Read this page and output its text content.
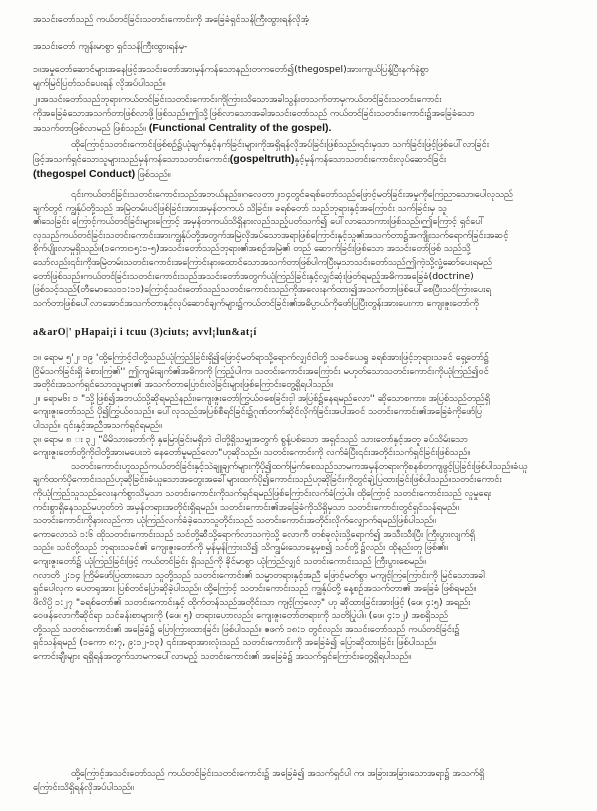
အသင်းတော်သည် ကယ်တင်ခြင်းသတင်းကောင်းကို အခြေခံရှင်သန်ကြီးထွားရန်လိုအံ့
အသင်းတော် ကျန်းမာစွာ ရှင်သန်ကြီးထွားရန်မှ-
၁။အမှုတော်ဆောင်များအနေဖြင့်အသင်းတော်အားမှန်ကန်သောနည်းတကတော်၍(thegospel)အားကျယ်ပြန့်ပြီးနက်နဲစွာ
မျက်မြင်ပြတ်သင်ပေးရန် လိုအပ်ပါသည်။
၂။အသင်းတော်သည်ဘုရားကယ်တင်ခြင်းသတင်းကောင်းကိုကြားသိသောအခါသွန်းတသက်တာမှကယ်တင်ခြင်းသတင်းကောင်း
ကိုအခြေခံသောအသက်တာဖြစ်လာဖို့ဖြစ်သည်။ဤသို့ဖြစ်လာသောအခါအသင်းတော်သည် ကယ်တင်ခြင်းသတင်းကောင်း၌အခြေခံသော
အသက်တာဖြစ်လာမည် ဖြစ်သည်။ (Functional Centrality of the gospel).
ထိုကြောင့်သတင်းကောင်းဖြစ်စဉ်၌ယုံချက်နှင့်နက်ခြင်းများကိုအရှိရန်လိုအပ်ခြင်းဖြစ်သည်။၎င်းမှသာ သက်ခြင်းဖြင့်ဖြစ်ပေါ်လာခြင်း
ဖြင့်အသက်ရှင်သောသူများသည်မှန်ကန်သောသတင်းကောင်း(gospeltruth)နှင့်မှန်ကန်သောသတင်းကောင်းလုပ်ဆောင်ခြင်း
(thegospel Conduct) ဖြစ်သည်။
၎င်းကယ်တင်ခြင်းသတင်းကောင်းသည်အဘယ်နည်း။ဂလေတာ၂၊၁၄တွင်ခရစ်တော်သည်ဖြောင့်မတ်ခြင်းအမှုကိုကြေညာသော၊ပေါလုသည်
ချက်တွင် ကျွန်ုပ်တို့သည် အမြဲတမ်းပင်ဖြစ်ခြင်းအားအမှန်တကယ် သိခြင်း။ ခရစ်တော် သည်ဘုရားနှင့်အကြောင်း သက်ခြင်းမှ သူ
၏သေခြင်း ကြောင့်ကယ်တင်ခြင်းများကြောင့် အမှန်တကယ်သိရှိနားလည်သည့်ပတ်သက်၍ ပေါ်လာသောကားဖြစ်သည်။ဤကြောင့် ရှင်ပေါ်
လုသည်ကယ်တင်ခြင်းသတင်းကောင်းအားကျွန်ုပ်တို့အတွက်အမြဲလိုအပ်သောအရာဖြစ်ကြောင်းနှင့်သူ၏အသက်တာ၌အကျိုးသက်ရောက်ခြင်းအဆင့်
စိုက်ပျိုးလာမှုရှိသည်။(၁ကော၊၁၅:၁-၅)အသင်းတော်သည်ဘုရား၏အစဉ်အမြဲ၏ တည် ဆောက်ခြင်းဖြစ်သော အသင်းတော်ဖြစ် သည်သို့
သော်လည်း၎င်းကိုအမြဲတမ်းသတင်းကောင်းအကြောင်းနားထောင်သောအသက်တာဖြစ်ပါကပြီးမှသာသင်းတော်သည်ဤကဲ့သို့လှုံ့ဆော်ပေးရမည်
တော်ဖြစ်သည်။ကယ်တင်ခြင်းသတင်းကောင်းသည်အသင်းတော်အတွက်ယုံကြည်ခြင်းနှင့်လျှင်ဆုံးဖြတ်ရမည့်အဓိကအခြေခံ(doctrine)
ဖြစ်သင့်သည်(တီမောသေ၁၁:၁၁)ကြောင့်သင်းတော်သည်သတင်းကောင်းသည်ကိုအလေးနက်ထား၍အသက်တာဖြစ်ပေါ်စေပြီးသင်ကြားပေးရ
သက်တာဖြစ်ပေါ်လာအောင်အသက်တာနှင့်လုပ်ဆောင်ချက်များ၌ကယ်တင်ခြင်း၏အဓိပ္ပာယ်ကိုဖော်ပြပြီးတွန်းအားပေးကာ ကျေးဇူးတော်ကို
a&arÓ|' pHapai¡i i tcuu (3)ciuts; avvl¡lun&at¡í
၁။ ရောမ ၅'၂၊ ၁၉ 'ထို့ကြောင့်ငါတို့သည်ယုံကြည်ခြင်းရှိ၍ဖြောင့်မတ်ရာသို့ရောက်လျှင်ငါတို့ သခင်ယေရှု ခရစ်အားဖြင့်ဘုရားသခင် ရှေ့တော်၌
ငြိမ်သက်ခြင်းရှိ ခံစားကြ၏'' ဤကျမ်းချက်၏အဓိကကို ကြည့်ပါက၊ သတင်းကောင်းအကြောင်း မဟုတ်သောသတင်းကောင်းကိုယုံကြည်၍ဝင်
အတိုင်းအသက်ရှင်သောသူများ၏ အသက်တာပြောင်းလဲခြင်းများဖြစ်ကြောင်းတွေ့ရှိရပါသည်။
၂။ ရောမ၆း ၁ "သို့ဖြစ်၍အဘယ်သို့ဆိုရမည်နည်း၊ကျေးဇူးတော်ကြွယ်ဝစေခြင်းငှါ အပြစ်၌နေရမည်လော'' ဆိုသောစကား၊ အပြစ်သည်တည်ရှိ
ကျေးဇူးတော်သည် ပို၍ကြွယ်ဝသည်။ ပေါ်လုသည်အပြစ်စီရင်ခြင်း၌ဂုဏ်တက်ဆိုင်လိုက်ခြင်းအပါအဝင် သတင်းကောင်း၏အခြေခံကိုဖော်ပြ
ပါသည်။ ၎င်းနှင့်အညီအသက်ရှင်ရမည်။
၃။ ရောမ ၈ း ၃၂ "မိမိသားတော်ကို နှမြောခြင်းမရှိဘဲ ငါတို့ရှိသမျှအတွက် စွန့်ပစ်သော အရှင်သည် သားတော်နှင့်အတူ ခပ်သိမ်းသော
ကျေးဇူးတော်တို့ကိုငါတို့အားမပေးဘဲ နေတော်မူမည်လော"ဟုဆိုသည်။ သတင်းကောင်းကို လက်ခံပြီး၎င်းအတိုင်းသက်ရှင်ခြင်းဖြစ်သည်။
သတင်းကောင်းဟူသည်ကယ်တင်ခြင်းနှင့်သဲချူချက်များကိုပို၍ထက်မြက်စေသည်သာမကအမှန်တရားကိုစနစ်တကျဖွင့်ပြခြင်းဖြစ်ပါသည်။ခံယူ
ချက်ထက်ပိုကောင်းသည်ဟုဆိုခြင်း၊ခံယူသောအတွေးအခေါ်များထက်ပို၍ကောင်းသည်ဟုဆိုခြင်းကိုတွင်ချဲ့ပြထားခြင်းဖြစ်ပါသည်။သတင်းကောင်း
ကိုယုံကြည်သူသည်လေးနက်စွာသိမှသာ သတင်းကောင်းကိုသက်ရှင်ရမည်ဖြစ်ကြောင်းလက်ခံကြပါ။ ထိုကြောင့် သတင်းကောင်းသည် လူမှုရေး
ကင်းစွာရှိနေသည်မဟုတ်ဘဲ အမှန်တရားအတိုင်းရှိရမည်။ သတင်းကောင်း၏အခြေခံကိုသိရှိမှသာ သတင်းကောင်းတွင်ရှင်သန်ရမည်။
သတင်းကောင်းကိုနားလည်ကာ ယုံကြည်လက်ခံခဲ့သောသူတိုင်းသည် သတင်းကောင်းအတိုင်းလိုက်လျှောက်ရမည်ဖြစ်ပါသည်။
ကောလောသဲ ၁:၆ ထိုသတင်းကောင်းသည် သင်တို့ဆီသို့ရောက်လာသကဲ့သို့ လောကီ တစ်ခုလုံးသို့ရောက်၍ အသီးသီးပြီး ကြီးပွားလျက်ရှိ
သည်။ သင်တို့သည် ဘုရားသခင်၏ ကျေးဇူးတော်ကို မှန်မှန်ကြားသိ၍ သိကျွမ်းသောနေ့မှစ၍ သင်တို့၌လည်း ထိုနည်းတူ ဖြစ်၏။
ကျေးဇူးတော်၌ ယုံကြည်ခြင်းဖြင့် ကယ်တင်ခြင်း ရှိသည်ကို ခိုင်မာစွာ ယုံကြည်လျှင် သတင်းကောင်းသည် ကြီးပွားစေမည်။
ဂလာတိ ၂:၁၄ ကြိမ်ဖော်ပြထားသော သူတို့သည် သတင်းကောင်း၏ သမ္မာတရားနှင့်အညီ ဖြောင့်မတ်စွာ မကျင့်ကြကြောင်းကို မြင်သောအခါ
ရှင်ပေါလုက ပေတရုအား ပြစ်တင်ပြောဆိုခဲ့ပါသည်။ ထို့ကြောင့် သတင်းကောင်းသည် ကျွန်ုပ်တို့ နေ့စဉ်အသက်တာ၏ အခြေခံ ဖြစ်ရမည်။
ဖိလိပ္ပိ ၁:၂၇ "ခရစ်တော်၏ သတင်းကောင်းနှင့် ထိုက်တန်သည်အတိုင်းသာ ကျင့်ကြလော့" ဟု ဆိုထားခြင်းအားဖြင့် (ဖေ၊ ၄:၅) အရည်း
ဝေဖန်လောကီဆိုင်ရာ သင်ခန်းစာများကို (ဖေ၊ ၅) တရားဟောလည်း ကျေးဇူးတော်တရားကို သတိပြုပါ။ (ဖေ၊ ၄:၁၂) အစရှိသည်
တို့သည် သတင်းကောင်း၏ အခြေခံ၌ ပြောကြားထားခြင်း ဖြစ်ပါသည်။ ဧဖက် ၁၈:၁ တွင်လည်း အသင်းတော်သည် ကယ်တင်ခြင်း၌
ရှင်သန်ရမည် (၁ကော ၈:၇, ၉:၁၂-၁၃) ၎င်းအရာအားလုံးသည် သတင်းကောင်းကို အခြေခံ၍ ပြောဆိုထားခြင်း ဖြစ်ပါသည်။
ကောင်းချီးများ ရရှိရန်အတွက်သာမကပေါ်လာမည့် သတင်းကောင်း၏ အခြေခံ၌ အသက်ရှင်ကြောင်းတွေ့ရှိရပါသည်။
ထို့ကြောင့်အသင်းတော်သည် ကယ်တင်ခြင်းသတင်းကောင်း၌ အခြေခံ၍ အသက်ရှင်ပါ က၊ အခြားအခြားသောအရာ၌ အသက်ရှိ
ကြောင်းသိရှိရန်လိုအပ်ပါသည်။
